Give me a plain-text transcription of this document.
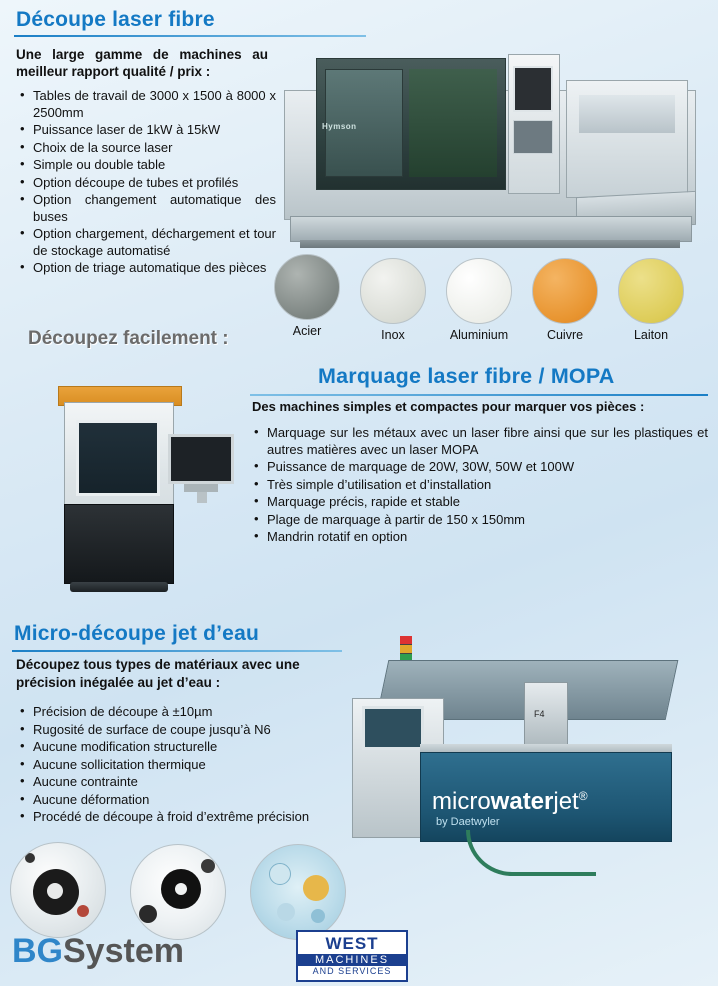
Découpe laser fibre
Une large gamme de machines au meilleur rapport qualité / prix :
• Tables de travail de 3000 x 1500 à 8000 x 2500mm
• Puissance laser de 1kW à 15kW
• Choix de la source laser
• Simple ou double table
• Option découpe de tubes et profilés
• Option changement automatique des buses
• Option chargement, déchargement et tour de stockage automatisé
• Option de triage automatique des pièces
Hymson
Acier	Inox	Aluminium	Cuivre	Laiton
Découpez facilement :
Marquage laser fibre / MOPA
Des machines simples et compactes pour marquer vos pièces :
• Marquage sur les métaux avec un laser fibre ainsi que sur les plastiques et autres matières avec un laser MOPA
• Puissance de marquage de 20W, 30W, 50W et 100W
• Très simple d’utilisation et d’installation
• Marquage précis, rapide et stable
• Plage de marquage à partir de 150 x 150mm
• Mandrin rotatif en option
Micro-découpe jet d’eau
Découpez tous types de matériaux avec une précision inégalée au jet d’eau :
• Précision de découpe à ±10µm
• Rugosité de surface de coupe jusqu’à N6
• Aucune modification structurelle
• Aucune sollicitation thermique
• Aucune contrainte
• Aucune déformation
• Procédé de découpe à froid d’extrême précision
F4
microwaterjet®
by Daetwyler
BGSystem	WEST
MACHINES
AND SERVICES
